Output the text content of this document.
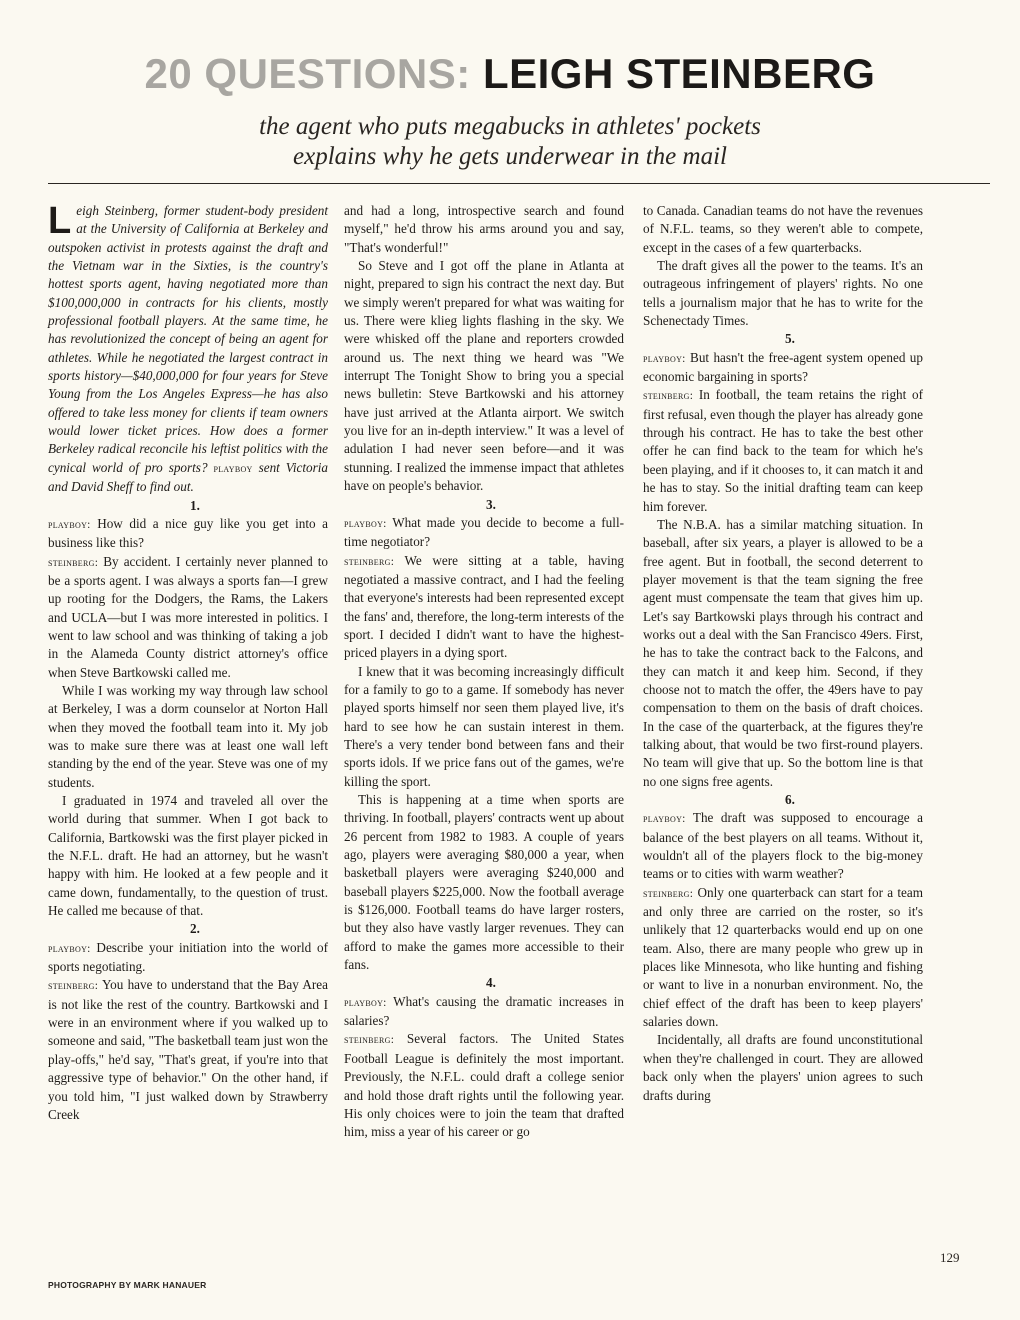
20 QUESTIONS: LEIGH STEINBERG
the agent who puts megabucks in athletes' pockets
explains why he gets underwear in the mail

Leigh Steinberg, former student-body president at the University of California at Berkeley and outspoken activist in protests against the draft and the Vietnam war in the Sixties, is the country's hottest sports agent, having negotiated more than $100,000,000 in contracts for his clients, mostly professional football players. At the same time, he has revolutionized the concept of being an agent for athletes. While he negotiated the largest contract in sports history—$40,000,000 for four years for Steve Young from the Los Angeles Express—he has also offered to take less money for clients if team owners would lower ticket prices. How does a former Berkeley radical reconcile his leftist politics with the cynical world of pro sports? playboy sent Victoria and David Sheff to find out.

1.

playboy: How did a nice guy like you get into a business like this?

steinberg: By accident. I certainly never planned to be a sports agent. I was always a sports fan—I grew up rooting for the Dodgers, the Rams, the Lakers and UCLA—but I was more interested in politics. I went to law school and was thinking of taking a job in the Alameda County district attorney's office when Steve Bartkowski called me.

While I was working my way through law school at Berkeley, I was a dorm counselor at Norton Hall when they moved the football team into it. My job was to make sure there was at least one wall left standing by the end of the year. Steve was one of my students.

I graduated in 1974 and traveled all over the world during that summer. When I got back to California, Bartkowski was the first player picked in the N.F.L. draft. He had an attorney, but he wasn't happy with him. He looked at a few people and it came down, fundamentally, to the question of trust. He called me because of that.

2.

playboy: Describe your initiation into the world of sports negotiating.

steinberg: You have to understand that the Bay Area is not like the rest of the country. Bartkowski and I were in an environment where if you walked up to someone and said, "The basketball team just won the play-offs," he'd say, "That's great, if you're into that aggressive type of behavior." On the other hand, if you told him, "I just walked down by Strawberry Creek

and had a long, introspective search and found myself," he'd throw his arms around you and say, "That's wonderful!"

So Steve and I got off the plane in Atlanta at night, prepared to sign his contract the next day. But we simply weren't prepared for what was waiting for us. There were klieg lights flashing in the sky. We were whisked off the plane and reporters crowded around us. The next thing we heard was "We interrupt The Tonight Show to bring you a special news bulletin: Steve Bartkowski and his attorney have just arrived at the Atlanta airport. We switch you live for an in-depth interview." It was a level of adulation I had never seen before—and it was stunning. I realized the immense impact that athletes have on people's behavior.

3.

playboy: What made you decide to become a full-time negotiator?

steinberg: We were sitting at a table, having negotiated a massive contract, and I had the feeling that everyone's interests had been represented except the fans' and, therefore, the long-term interests of the sport. I decided I didn't want to have the highest-priced players in a dying sport.

I knew that it was becoming increasingly difficult for a family to go to a game. If somebody has never played sports himself nor seen them played live, it's hard to see how he can sustain interest in them. There's a very tender bond between fans and their sports idols. If we price fans out of the games, we're killing the sport.

This is happening at a time when sports are thriving. In football, players' contracts went up about 26 percent from 1982 to 1983. A couple of years ago, players were averaging $80,000 a year, when basketball players were averaging $240,000 and baseball players $225,000. Now the football average is $126,000. Football teams do have larger rosters, but they also have vastly larger revenues. They can afford to make the games more accessible to their fans.

4.

playboy: What's causing the dramatic increases in salaries?

steinberg: Several factors. The United States Football League is definitely the most important. Previously, the N.F.L. could draft a college senior and hold those draft rights until the following year. His only choices were to join the team that drafted him, miss a year of his career or go

to Canada. Canadian teams do not have the revenues of N.F.L. teams, so they weren't able to compete, except in the cases of a few quarterbacks.

The draft gives all the power to the teams. It's an outrageous infringement of players' rights. No one tells a journalism major that he has to write for the Schenectady Times.

5.

playboy: But hasn't the free-agent system opened up economic bargaining in sports?

steinberg: In football, the team retains the right of first refusal, even though the player has already gone through his contract. He has to take the best other offer he can find back to the team for which he's been playing, and if it chooses to, it can match it and he has to stay. So the initial drafting team can keep him forever.

The N.B.A. has a similar matching situation. In baseball, after six years, a player is allowed to be a free agent. But in football, the second deterrent to player movement is that the team signing the free agent must compensate the team that gives him up. Let's say Bartkowski plays through his contract and works out a deal with the San Francisco 49ers. First, he has to take the contract back to the Falcons, and they can match it and keep him. Second, if they choose not to match the offer, the 49ers have to pay compensation to them on the basis of draft choices. In the case of the quarterback, at the figures they're talking about, that would be two first-round players. No team will give that up. So the bottom line is that no one signs free agents.

6.

playboy: The draft was supposed to encourage a balance of the best players on all teams. Without it, wouldn't all of the players flock to the big-money teams or to cities with warm weather?

steinberg: Only one quarterback can start for a team and only three are carried on the roster, so it's unlikely that 12 quarterbacks would end up on one team. Also, there are many people who grew up in places like Minnesota, who like hunting and fishing or want to live in a nonurban environment. No, the chief effect of the draft has been to keep players' salaries down.

Incidentally, all drafts are found unconstitutional when they're challenged in court. They are allowed back only when the players' union agrees to such drafts during

129
PHOTOGRAPHY BY MARK HANAUER
